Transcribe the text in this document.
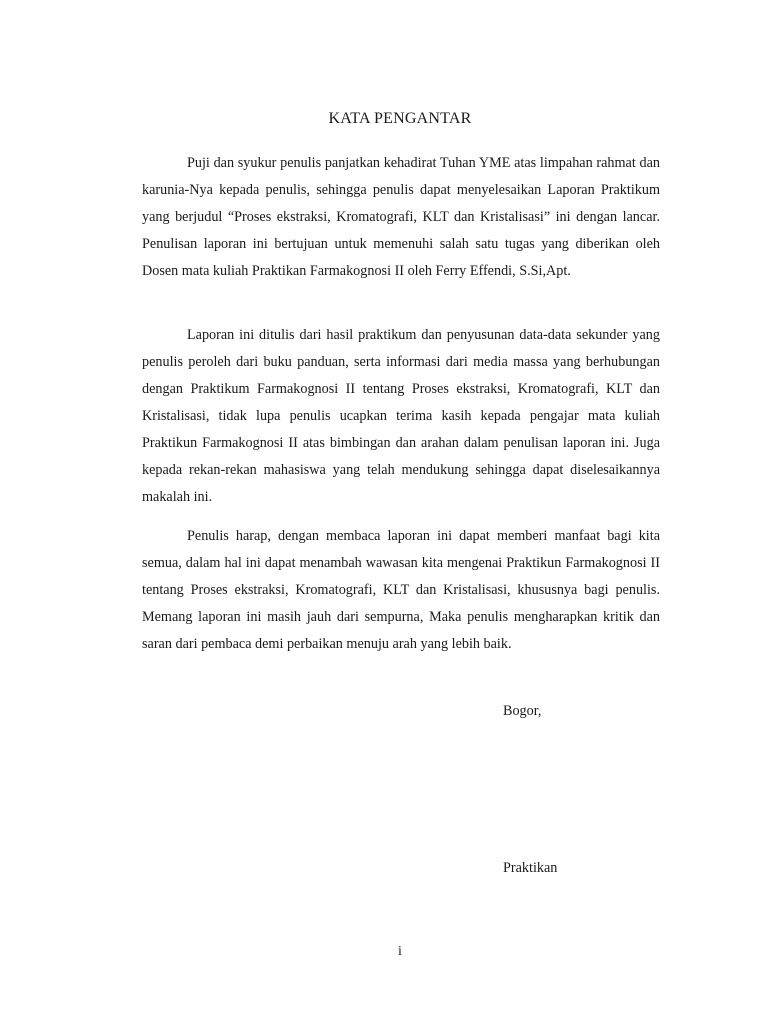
KATA PENGANTAR

Puji dan syukur penulis panjatkan kehadirat Tuhan YME atas limpahan rahmat dan karunia-Nya kepada penulis, sehingga penulis dapat menyelesaikan Laporan Praktikum yang berjudul “Proses ekstraksi, Kromatografi, KLT dan Kristalisasi” ini dengan lancar. Penulisan laporan ini bertujuan untuk memenuhi salah satu tugas yang diberikan oleh Dosen mata kuliah Praktikan Farmakognosi II oleh Ferry Effendi, S.Si,Apt.

Laporan ini ditulis dari hasil praktikum dan penyusunan data-data sekunder yang penulis peroleh dari buku panduan, serta informasi dari media massa yang berhubungan dengan Praktikum Farmakognosi II tentang Proses ekstraksi, Kromatografi, KLT dan Kristalisasi, tidak lupa penulis ucapkan terima kasih kepada pengajar mata kuliah Praktikun Farmakognosi II atas bimbingan dan arahan dalam penulisan laporan ini. Juga kepada rekan-rekan mahasiswa yang telah mendukung sehingga dapat diselesaikannya makalah ini.

Penulis harap, dengan membaca laporan ini dapat memberi manfaat bagi kita semua, dalam hal ini dapat menambah wawasan kita mengenai Praktikun Farmakognosi II tentang Proses ekstraksi, Kromatografi, KLT dan Kristalisasi, khususnya bagi penulis. Memang laporan ini masih jauh dari sempurna, Maka penulis mengharapkan kritik dan saran dari pembaca demi perbaikan menuju arah yang lebih baik.

Bogor,
Praktikan
i
